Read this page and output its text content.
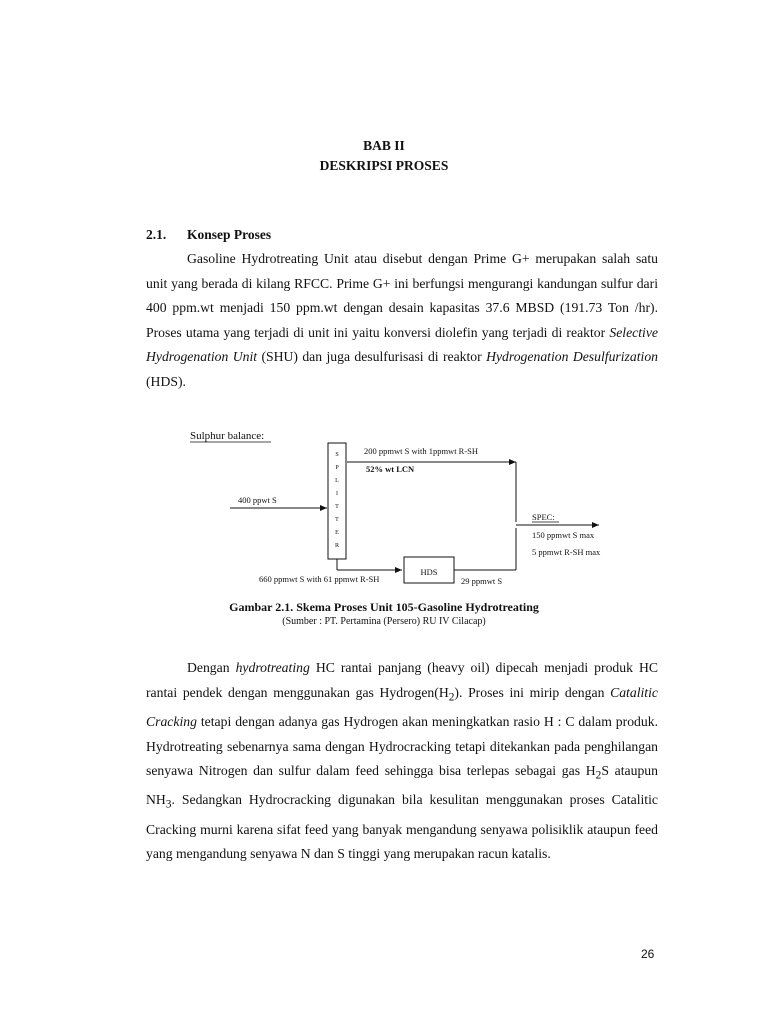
BAB II
DESKRIPSI PROSES
2.1. Konsep Proses

Gasoline Hydrotreating Unit atau disebut dengan Prime G+ merupakan salah satu unit yang berada di kilang RFCC. Prime G+ ini berfungsi mengurangi kandungan sulfur dari 400 ppm.wt menjadi 150 ppm.wt dengan desain kapasitas 37.6 MBSD (191.73 Ton /hr). Proses utama yang terjadi di unit ini yaitu konversi diolefin yang terjadi di reaktor Selective Hydrogenation Unit (SHU) dan juga desulfurisasi di reaktor Hydrogenation Desulfurization (HDS).

Sulphur balance:
S
P
L
I
T
T
E
R
400 ppwt S
200 ppmwt S with 1ppmwt R-SH
52% wt LCN
660 ppmwt S with 61 ppmwt R-SH
HDS
29 ppmwt S
SPEC:
150 ppmwt S max
5 ppmwt R-SH max
Gambar 2.1. Skema Proses Unit 105-Gasoline Hydrotreating
(Sumber : PT. Pertamina (Persero) RU IV Cilacap)

Dengan hydrotreating HC rantai panjang (heavy oil) dipecah menjadi produk HC rantai pendek dengan menggunakan gas $Hydrogen(H_2)$. Proses ini mirip dengan Catalitic Cracking tetapi dengan adanya gas Hydrogen akan meningkatkan rasio H : C dalam produk. Hydrotreating sebenarnya sama dengan Hydrocracking tetapi ditekankan pada penghilangan senyawa Nitrogen dan sulfur dalam feed sehingga bisa terlepas sebagai gas $H_2S$ ataupun $NH_3$. Sedangkan Hydrocracking digunakan bila kesulitan menggunakan proses Catalitic Cracking murni karena sifat feed yang banyak mengandung senyawa polisiklik ataupun feed yang mengandung senyawa N dan S tinggi yang merupakan racun katalis.

26
